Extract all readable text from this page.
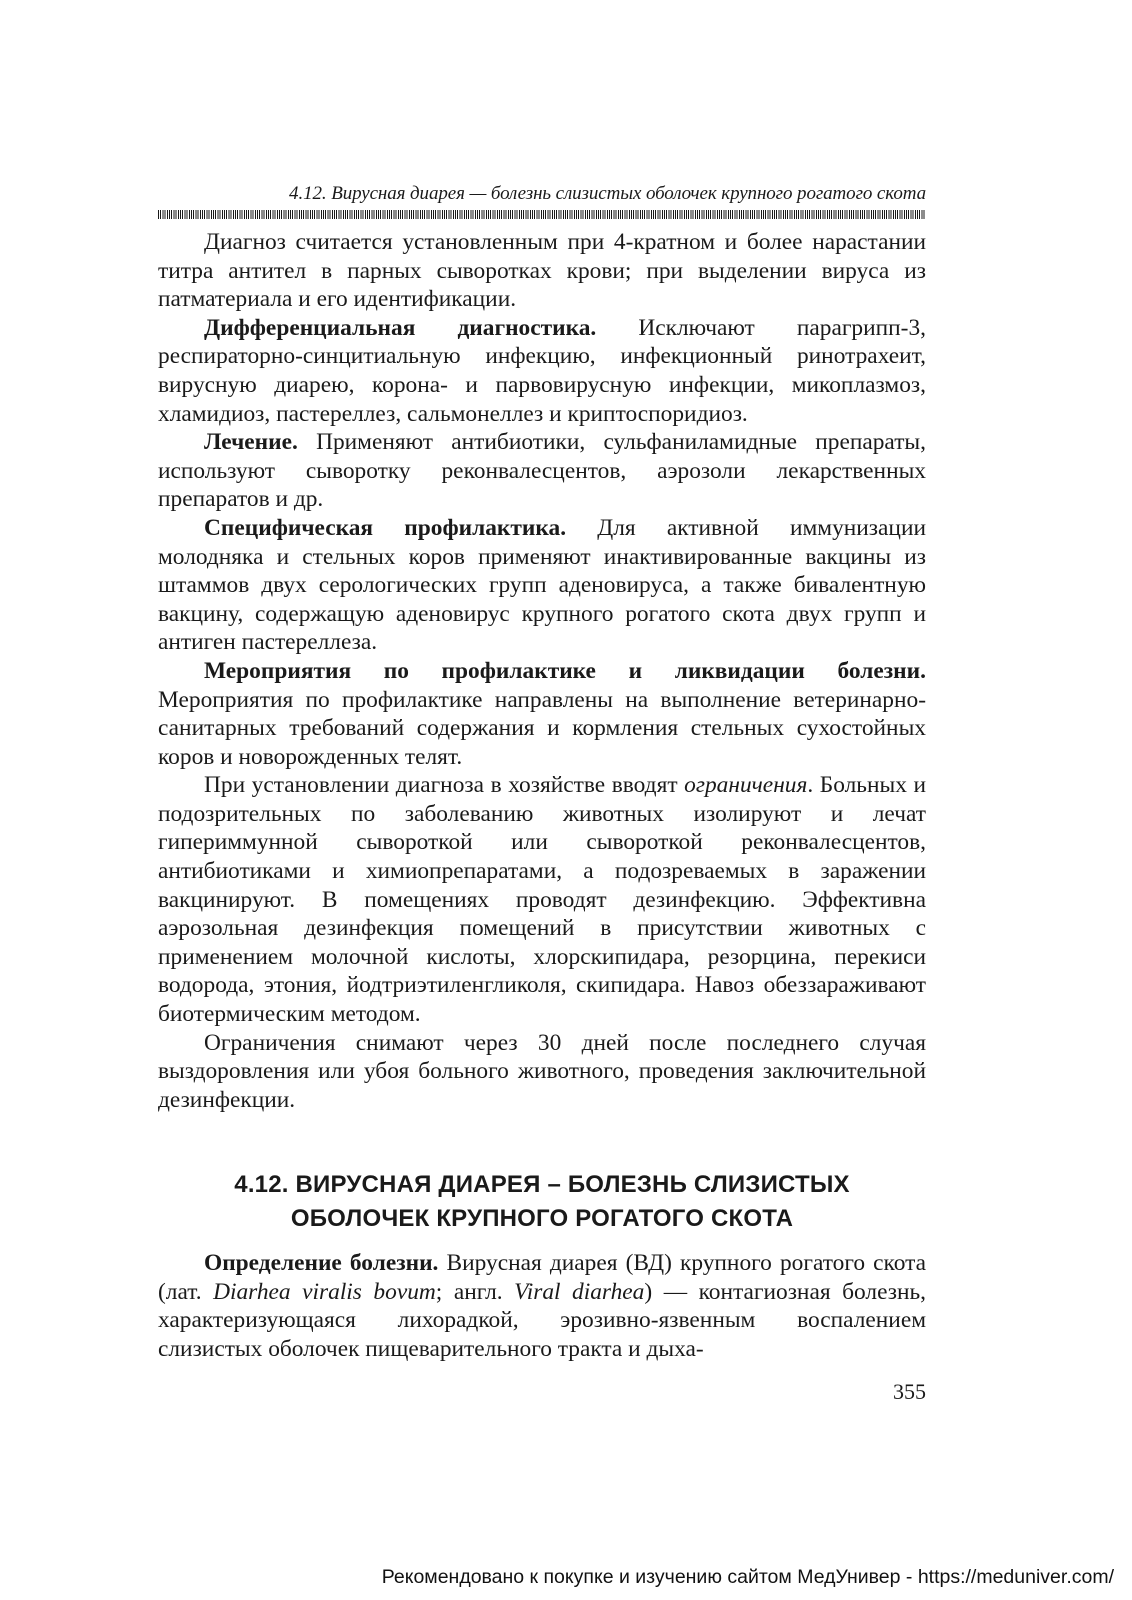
4.12. Вирусная диарея — болезнь слизистых оболочек крупного рогатого скота

Диагноз считается установленным при 4-кратном и более нарастании титра антител в парных сыворотках крови; при выделении вируса из патматериала и его идентификации.

Дифференциальная диагностика. Исключают парагрипп-3, респираторно-синцитиальную инфекцию, инфекционный ринотрахеит, вирусную диарею, корона- и парвовирусную инфекции, микоплазмоз, хламидиоз, пастереллез, сальмонеллез и криптоспоридиоз.

Лечение. Применяют антибиотики, сульфаниламидные препараты, используют сыворотку реконвалесцентов, аэрозоли лекарственных препаратов и др.

Специфическая профилактика. Для активной иммунизации молодняка и стельных коров применяют инактивированные вакцины из штаммов двух серологических групп аденовируса, а также бивалентную вакцину, содержащую аденовирус крупного рогатого скота двух групп и антиген пастереллеза.

Мероприятия по профилактике и ликвидации болезни. Мероприятия по профилактике направлены на выполнение ветеринарно-санитарных требований содержания и кормления стельных сухостойных коров и новорожденных телят.

При установлении диагноза в хозяйстве вводят ограничения. Больных и подозрительных по заболеванию животных изолируют и лечат гипериммунной сывороткой или сывороткой реконвалесцентов, антибиотиками и химиопрепаратами, а подозреваемых в заражении вакцинируют. В помещениях проводят дезинфекцию. Эффективна аэрозольная дезинфекция помещений в присутствии животных с применением молочной кислоты, хлорскипидара, резорцина, перекиси водорода, этония, йодтриэтиленгликоля, скипидара. Навоз обеззараживают биотермическим методом.

Ограничения снимают через 30 дней после последнего случая выздоровления или убоя больного животного, проведения заключительной дезинфекции.

4.12. ВИРУСНАЯ ДИАРЕЯ – БОЛЕЗНЬ СЛИЗИСТЫХ
ОБОЛОЧЕК КРУПНОГО РОГАТОГО СКОТА

Определение болезни. Вирусная диарея (ВД) крупного рогатого скота (лат. Diarhea viralis bovum; англ. Viral diarhea) — контагиозная болезнь, характеризующаяся лихорадкой, эрозивно-язвенным воспалением слизистых оболочек пищеварительного тракта и дыха-

355
Рекомендовано к покупке и изучению сайтом МедУнивер - https://meduniver.com/
